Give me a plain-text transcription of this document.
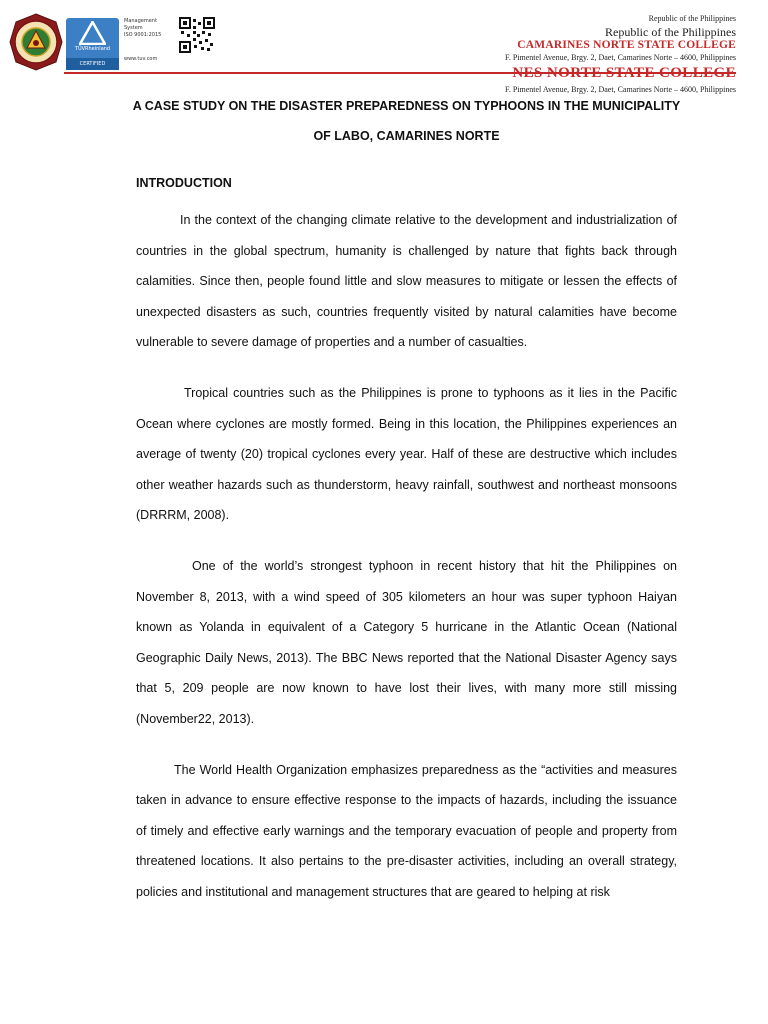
TÜVRheinland
CERTIFIED
Management
System
ISO 9001:2015
www.tuv.com
Republic of the Philippines
Republic of the Philippines
CAMARINES NORTE STATE COLLEGE
F. Pimentel Avenue, Brgy. 2, Daet, Camarines Norte – 4600, Philippines
NES NORTE STATE COLLEGE
F. Pimentel Avenue, Brgy. 2, Daet, Camarines Norte – 4600, Philippines
A CASE STUDY ON THE DISASTER PREPAREDNESS ON TYPHOONS IN THE MUNICIPALITY OF LABO, CAMARINES NORTE
INTRODUCTION

In the context of the changing climate relative to the development and industrialization of countries in the global spectrum, humanity is challenged by nature that fights back through calamities. Since then, people found little and slow measures to mitigate or lessen the effects of unexpected disasters as such, countries frequently visited by natural calamities have become vulnerable to severe damage of properties and a number of casualties.

Tropical countries such as the Philippines is prone to typhoons as it lies in the Pacific Ocean where cyclones are mostly formed. Being in this location, the Philippines experiences an average of twenty (20) tropical cyclones every year. Half of these are destructive which includes other weather hazards such as thunderstorm, heavy rainfall, southwest and northeast monsoons (DRRRM, 2008).

One of the world’s strongest typhoon in recent history that hit the Philippines on November 8, 2013, with a wind speed of 305 kilometers an hour was super typhoon Haiyan known as Yolanda in equivalent of a Category 5 hurricane in the Atlantic Ocean (National Geographic Daily News, 2013). The BBC News reported that the National Disaster Agency says that 5, 209 people are now known to have lost their lives, with many more still missing (November22, 2013).

The World Health Organization emphasizes preparedness as the “activities and measures taken in advance to ensure effective response to the impacts of hazards, including the issuance of timely and effective early warnings and the temporary evacuation of people and property from threatened locations. It also pertains to the pre-disaster activities, including an overall strategy, policies and institutional and management structures that are geared to helping at risk
